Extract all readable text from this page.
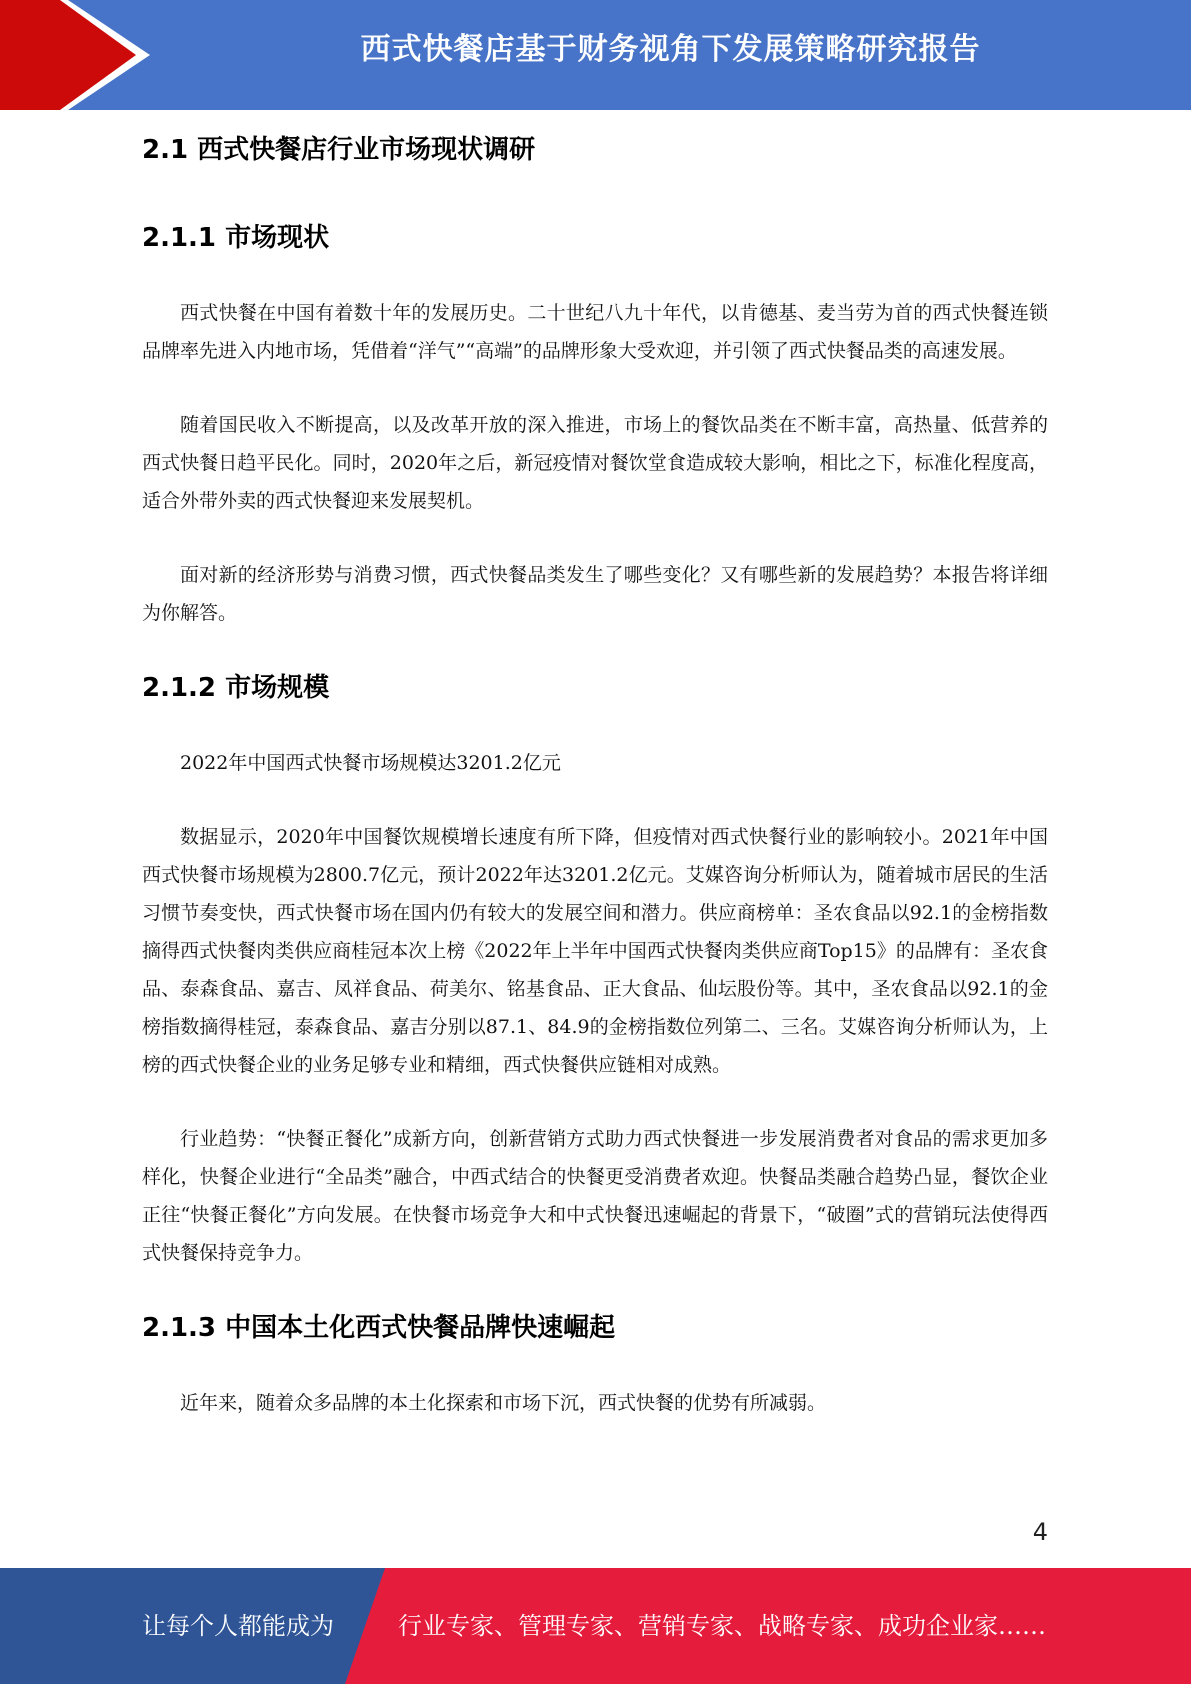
西式快餐店基于财务视角下发展策略研究报告
2.1 西式快餐店行业市场现状调研
2.1.1 市场现状

西式快餐在中国有着数十年的发展历史。二十世纪八九十年代，以肯德基、麦当劳为首的西式快餐连锁品牌率先进入内地市场，凭借着“洋气”“高端”的品牌形象大受欢迎，并引领了西式快餐品类的高速发展。

随着国民收入不断提高，以及改革开放的深入推进，市场上的餐饮品类在不断丰富，高热量、低营养的西式快餐日趋平民化。同时，2020年之后，新冠疫情对餐饮堂食造成较大影响，相比之下，标准化程度高，适合外带外卖的西式快餐迎来发展契机。

面对新的经济形势与消费习惯，西式快餐品类发生了哪些变化？又有哪些新的发展趋势？本报告将详细为你解答。

2.1.2 市场规模

2022年中国西式快餐市场规模达3201.2亿元

数据显示，2020年中国餐饮规模增长速度有所下降，但疫情对西式快餐行业的影响较小。2021年中国西式快餐市场规模为2800.7亿元，预计2022年达3201.2亿元。艾媒咨询分析师认为，随着城市居民的生活习惯节奏变快，西式快餐市场在国内仍有较大的发展空间和潜力。供应商榜单：圣农食品以92.1的金榜指数摘得西式快餐肉类供应商桂冠本次上榜《2022年上半年中国西式快餐肉类供应商Top15》的品牌有：圣农食品、泰森食品、嘉吉、凤祥食品、荷美尔、铭基食品、正大食品、仙坛股份等。其中，圣农食品以92.1的金榜指数摘得桂冠，泰森食品、嘉吉分别以87.1、84.9的金榜指数位列第二、三名。艾媒咨询分析师认为，上榜的西式快餐企业的业务足够专业和精细，西式快餐供应链相对成熟。

行业趋势：“快餐正餐化”成新方向，创新营销方式助力西式快餐进一步发展消费者对食品的需求更加多样化，快餐企业进行“全品类”融合，中西式结合的快餐更受消费者欢迎。快餐品类融合趋势凸显，餐饮企业正往“快餐正餐化”方向发展。在快餐市场竞争大和中式快餐迅速崛起的背景下，“破圈”式的营销玩法使得西式快餐保持竞争力。

2.1.3 中国本土化西式快餐品牌快速崛起

近年来，随着众多品牌的本土化探索和市场下沉，西式快餐的优势有所减弱。

4
让每个人都能成为	行业专家、管理专家、营销专家、战略专家、成功企业家……
